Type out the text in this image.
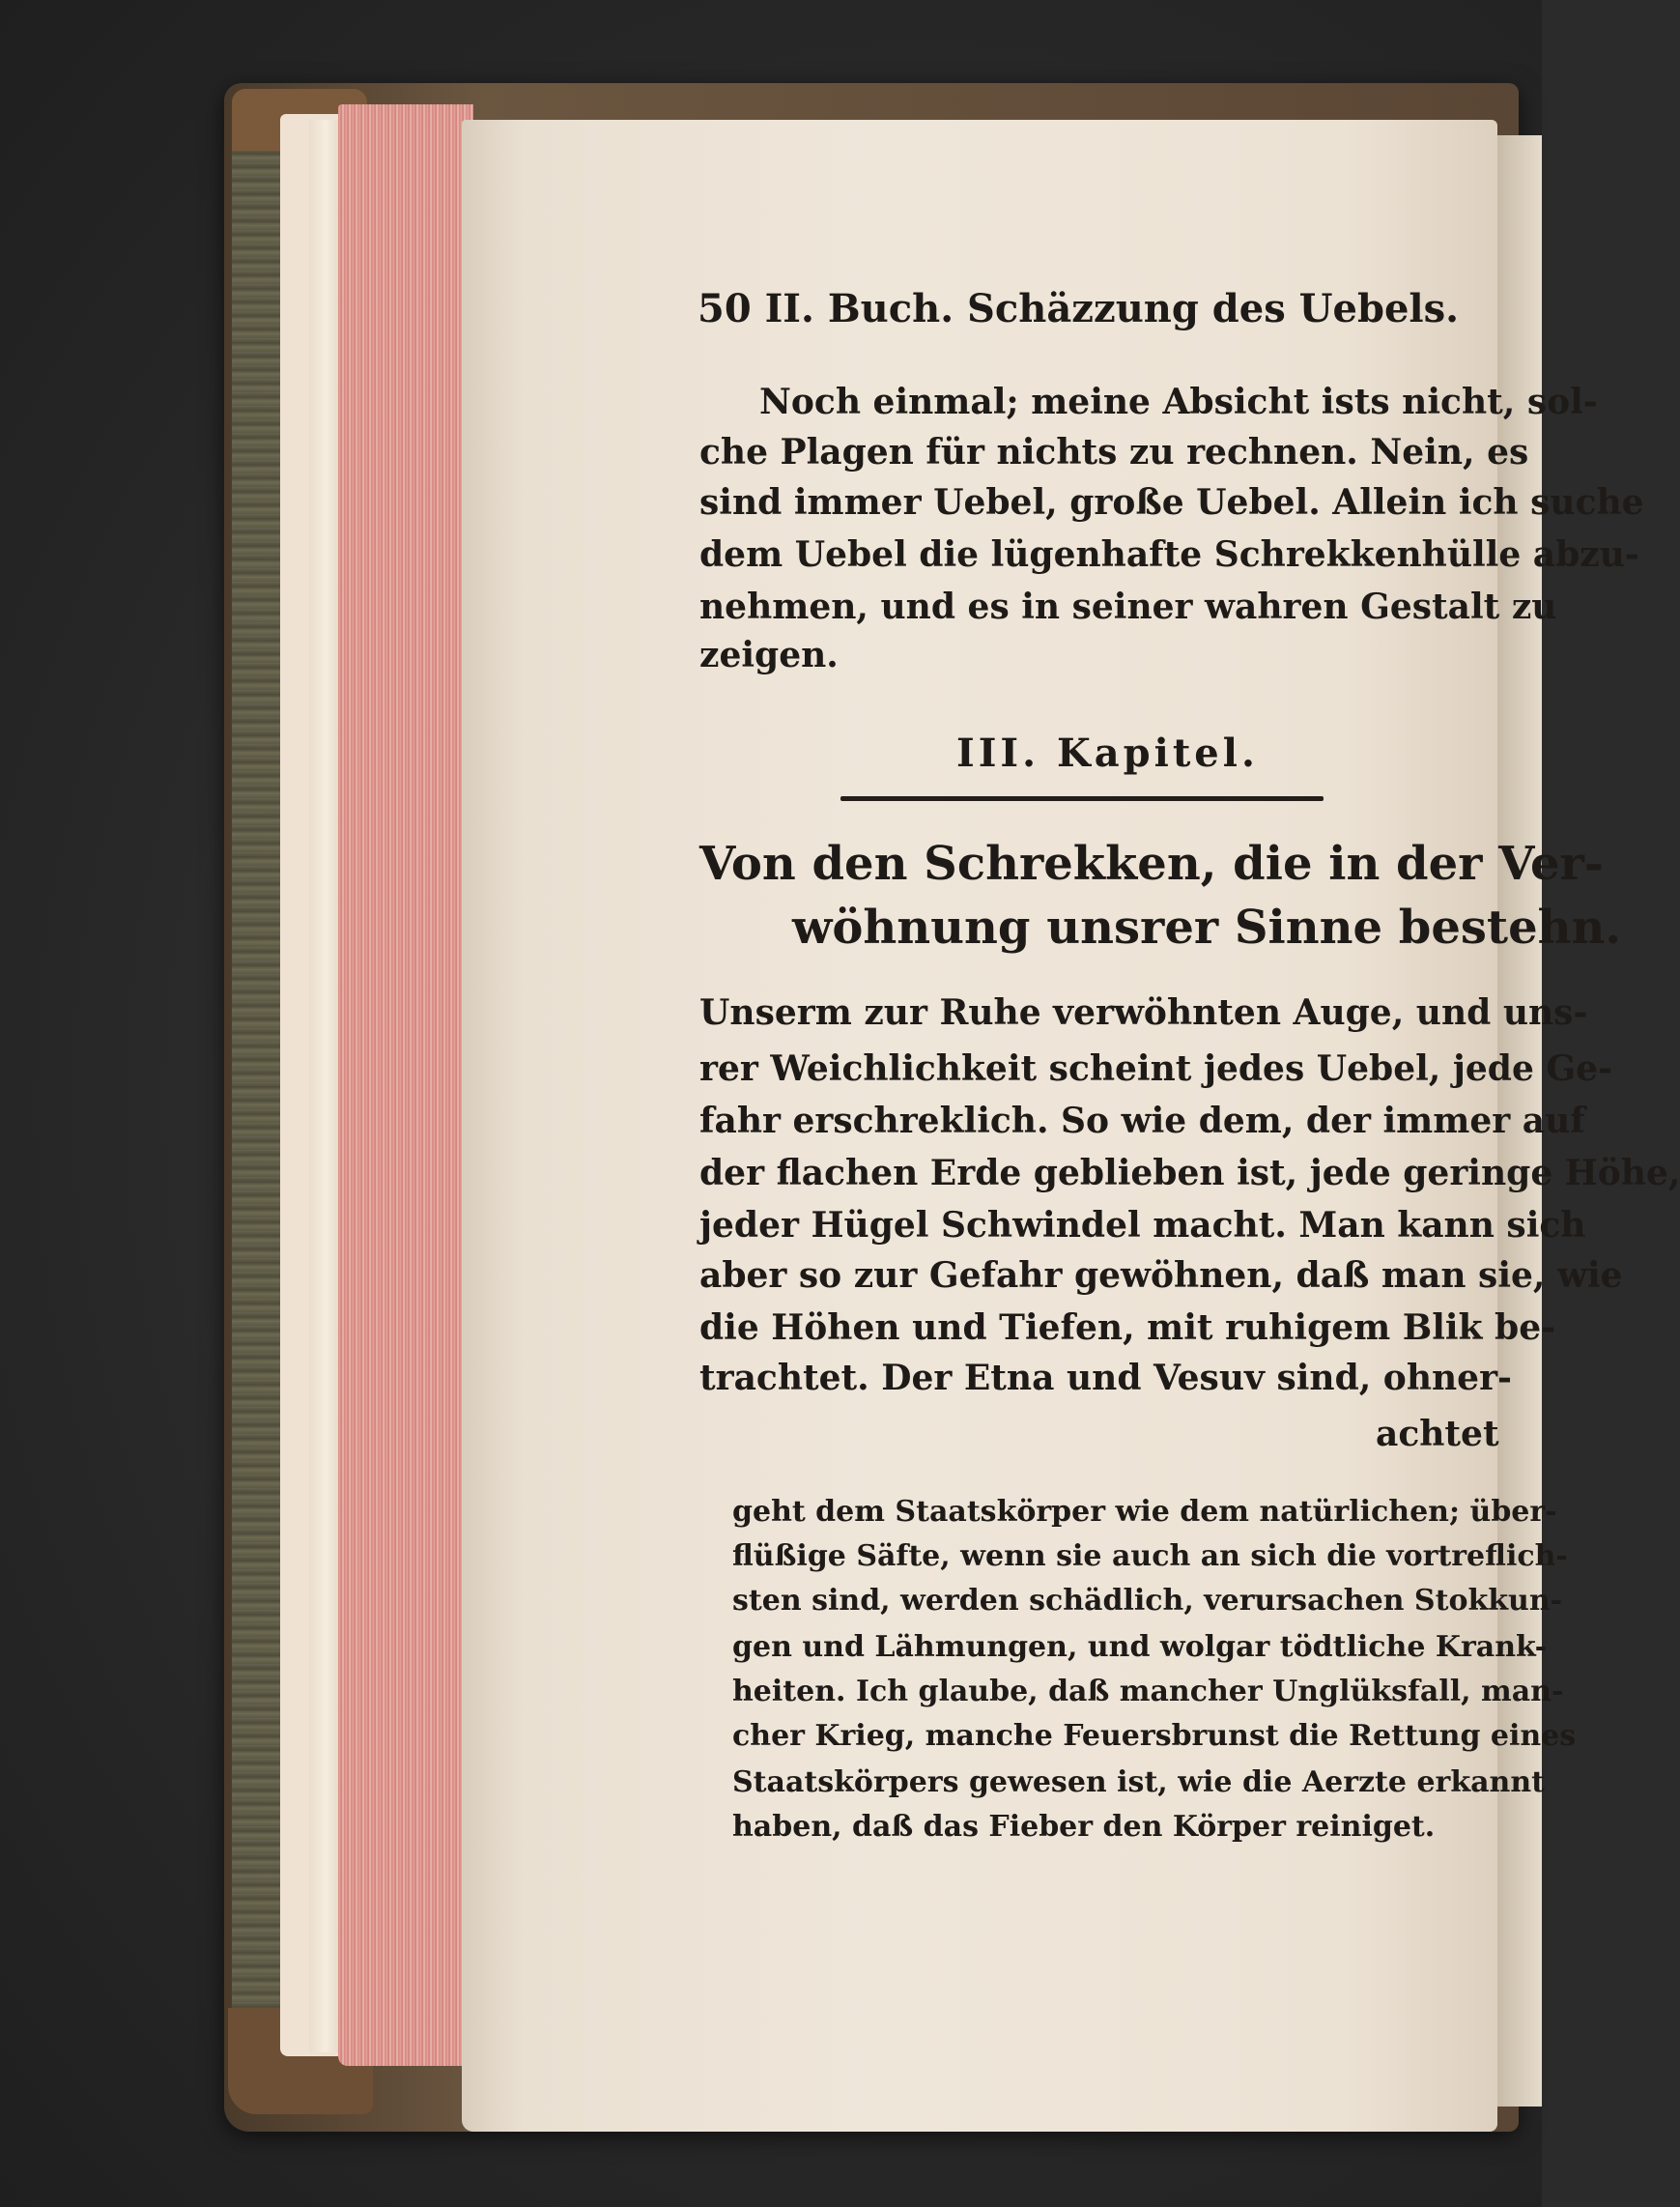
50 II. Buch. Schäzzung des Uebels.
Noch einmal; meine Absicht ists nicht, sol-
che Plagen für nichts zu rechnen. Nein, es
sind immer Uebel, große Uebel. Allein ich suche
dem Uebel die lügenhafte Schrekkenhülle abzu-
nehmen, und es in seiner wahren Gestalt zu
zeigen.
III. Kapitel.
Von den Schrekken, die in der Ver-
wöhnung unsrer Sinne bestehn.
Unserm zur Ruhe verwöhnten Auge, und uns-
rer Weichlichkeit scheint jedes Uebel, jede Ge-
fahr erschreklich. So wie dem, der immer auf
der flachen Erde geblieben ist, jede geringe Höhe,
jeder Hügel Schwindel macht. Man kann sich
aber so zur Gefahr gewöhnen, daß man sie, wie
die Höhen und Tiefen, mit ruhigem Blik be-
trachtet. Der Etna und Vesuv sind, ohner-
achtet
geht dem Staatskörper wie dem natürlichen; über-
flüßige Säfte, wenn sie auch an sich die vortreflich-
sten sind, werden schädlich, verursachen Stokkun-
gen und Lähmungen, und wolgar tödtliche Krank-
heiten. Ich glaube, daß mancher Unglüksfall, man-
cher Krieg, manche Feuersbrunst die Rettung eines
Staatskörpers gewesen ist, wie die Aerzte erkannt
haben, daß das Fieber den Körper reiniget.
